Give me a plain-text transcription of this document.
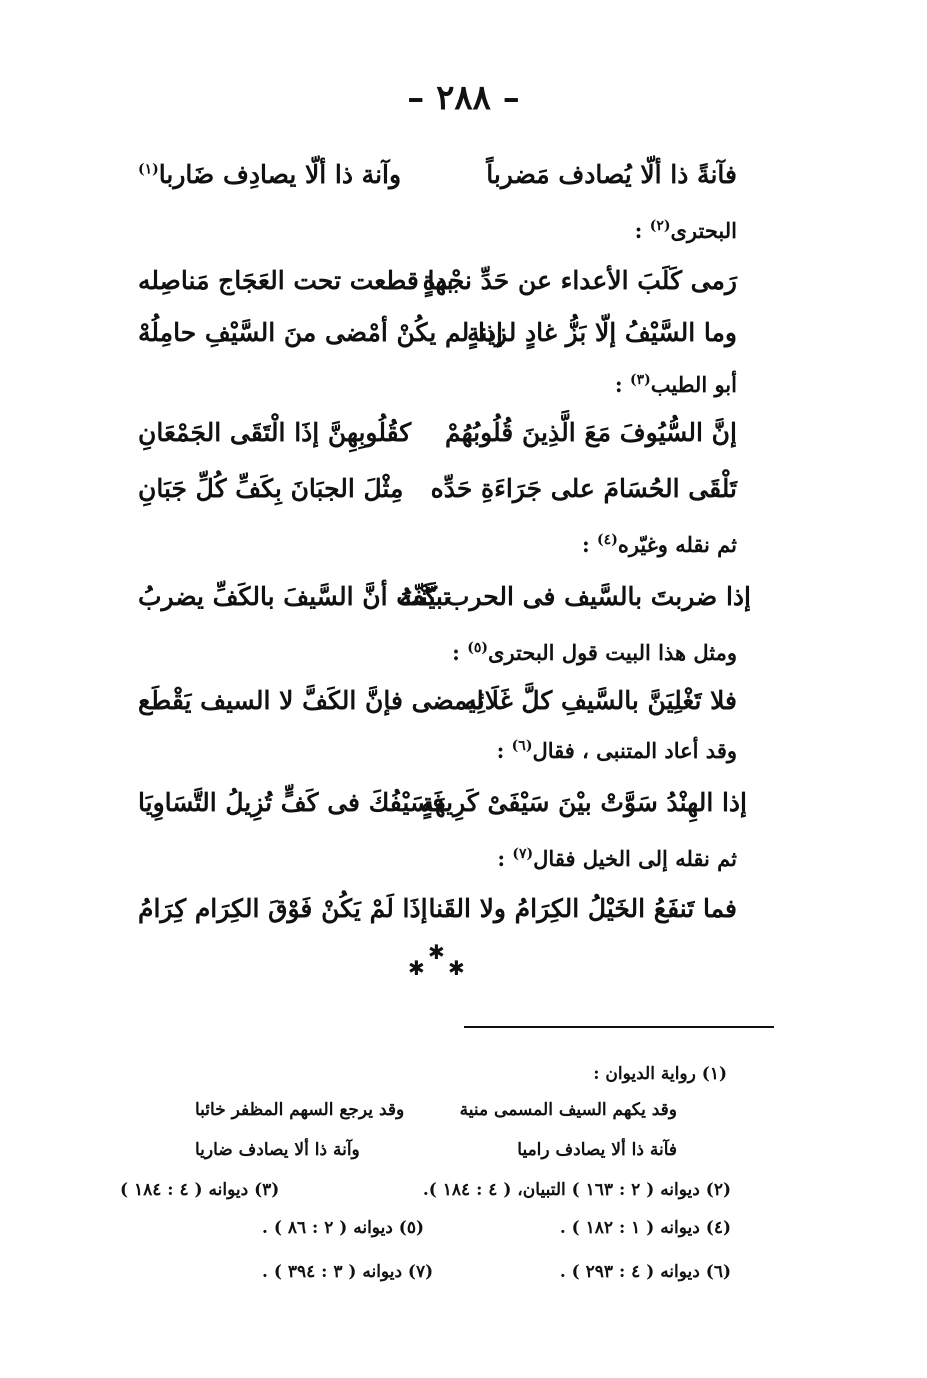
– ٢٨٨ –
فآنةً ذا ألّا يُصادف مَضرباً
وآنة ذا ألّا يصادِف ضَاربا$^{(١)}$
البحترى$^{(٢)}$ :
رَمى كَلَبَ الأعداء عن حَدِّ نجْدةٍ
بها قطعت تحت العَجَاج مَناصِله
وما السَّيْفُ إلّا بَزُّ غادٍ لزينةٍ
إذا لم يكُنْ أمْضى منَ السَّيْفِ حامِلُهْ
أبو الطيب$^{(٣)}$ :
إنَّ السُّيُوفَ مَعَ الَّذِينَ قُلُوبُهُمْ
كقُلُوبِهِنَّ إذَا الْتَقَى الجَمْعَانِ
تَلْقَى الحُسَامَ على جَرَاءَةِ حَدِّه
مِثْلَ الجبَانَ بِكَفِّ كُلِّ جَبَانِ
ثم نقله وغيّره$^{(٤)}$ :
إذا ضربتَ بالسَّيف فى الحرب كَفّهُ
تبيَّنْتَ أنَّ السَّيفَ بالكَفِّ يضربُ
ومثل هذا البيت قول البحترى$^{(٥)}$ :
فلا تَغْلِيَنَّ بالسَّيفِ كلَّ غَلَائِه
ليمضى فإنَّ الكَفَّ لا السيف يَقْطَع
وقد أعاد المتنبى ، فقال$^{(٦)}$ :
إذا الهِنْدُ سَوَّتْ بيْنَ سَيْفَىْ كَرِيهَةٍ
فَسَيْفُكَ فى كَفٍّ تُزِيلُ التَّسَاوِيَا
ثم نقله إلى الخيل فقال$^{(٧)}$ :
فما تَنفَعُ الخَيْلُ الكِرَامُ ولا القَنا
إذَا لَمْ يَكُنْ فَوْقَ الكِرَام كِرَامُ
✱
✱
✱
(١) رواية الديوان :
وقد يكهم السيف المسمى منية
وقد يرجع السهم المظفر خائبا
فآنة ذا ألا يصادف راميا
وآنة ذا ألا يصادف ضاريا
(٢) ديوانه ( ٢ : ١٦٣ ) التبيان، ( ٤ : ١٨٤ ).
(٣) ديوانه ( ٤ : ١٨٤ )
(٤) ديوانه ( ١ : ١٨٢ ) .
(٥) ديوانه ( ٢ : ٨٦ ) .
(٦) ديوانه ( ٤ : ٢٩٣ ) .
(٧) ديوانه ( ٣ : ٣٩٤ ) .
